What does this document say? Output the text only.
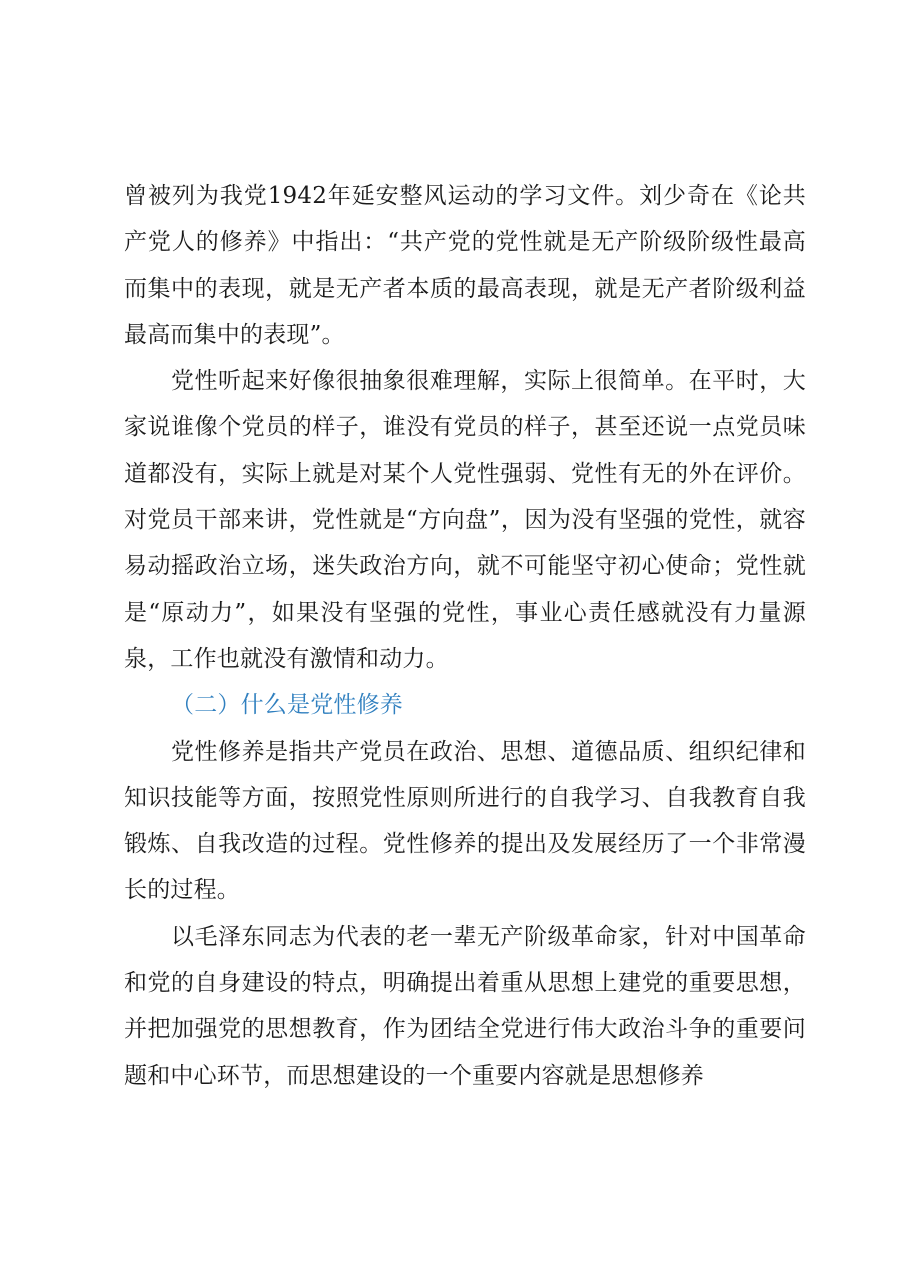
曾被列为我党1942年延安整风运动的学习文件。刘少奇在《论共产党人的修养》中指出：“共产党的党性就是无产阶级阶级性最高而集中的表现，就是无产者本质的最高表现，就是无产者阶级利益最高而集中的表现”。

党性听起来好像很抽象很难理解，实际上很简单。在平时，大家说谁像个党员的样子，谁没有党员的样子，甚至还说一点党员味道都没有，实际上就是对某个人党性强弱、党性有无的外在评价。对党员干部来讲，党性就是“方向盘”，因为没有坚强的党性，就容易动摇政治立场，迷失政治方向，就不可能坚守初心使命；党性就是“原动力”，如果没有坚强的党性，事业心责任感就没有力量源泉，工作也就没有激情和动力。

（二）什么是党性修养

党性修养是指共产党员在政治、思想、道德品质、组织纪律和知识技能等方面，按照党性原则所进行的自我学习、自我教育自我锻炼、自我改造的过程。党性修养的提出及发展经历了一个非常漫长的过程。

以毛泽东同志为代表的老一辈无产阶级革命家，针对中国革命和党的自身建设的特点，明确提出着重从思想上建党的重要思想，并把加强党的思想教育，作为团结全党进行伟大政治斗争的重要问题和中心环节，而思想建设的一个重要内容就是思想修养
